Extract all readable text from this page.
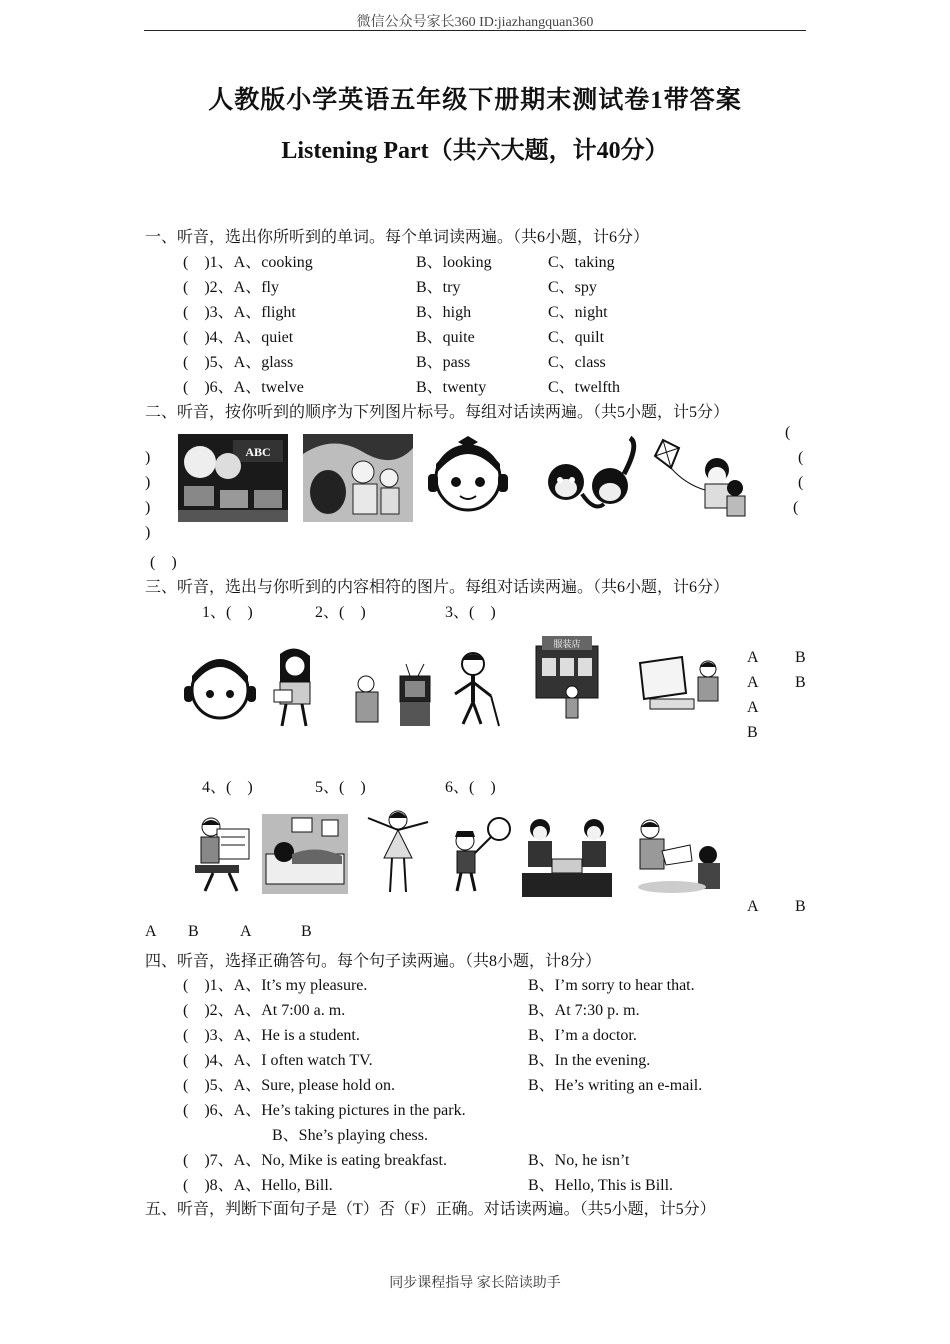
微信公众号家长360 ID:jiazhangquan360
人教版小学英语五年级下册期末测试卷1带答案
Listening Part（共六大题，计40分）
一、听音，选出你所听到的单词。每个单词读两遍。（共6小题，计6分）
(　)1、A、cooking	B、looking	C、taking
(　)2、A、fly	B、try	C、spy
(　)3、A、flight	B、high	C、night
(　)4、A、quiet	B、quite	C、quilt
(　)5、A、glass	B、pass	C、class
(　)6、A、twelve	B、twenty	C、twelfth
二、听音，按你听到的顺序为下列图片标号。每组对话读两遍。（共5小题，计5分）
(
)	(
)	(
)	(
)
(　)
ABC
三、听音，选出与你听到的内容相符的图片。每组对话读两遍。（共6小题，计6分）
1、(　)	2、(　)	3、(　)
A B
A B
A
B
服装店
4、(　)	5、(　)	6、(　)
A B
A B	A	B
四、听音，选择正确答句。每个句子读两遍。（共8小题，计8分）
(　)1、A、It’s my pleasure.	B、I’m sorry to hear that.
(　)2、A、At 7:00 a. m.	B、At 7:30 p. m.
(　)3、A、He is a student.	B、I’m a doctor.
(　)4、A、I often watch TV.	B、In the evening.
(　)5、A、Sure, please hold on.	B、He’s writing an e-mail.
(　)6、A、He’s taking pictures in the park.
B、She’s playing chess.
(　)7、A、No, Mike is eating breakfast.	B、No, he isn’t
(　)8、A、Hello, Bill.	B、Hello, This is Bill.
五、听音，判断下面句子是（T）否（F）正确。对话读两遍。（共5小题，计5分）
同步课程指导 家长陪读助手
